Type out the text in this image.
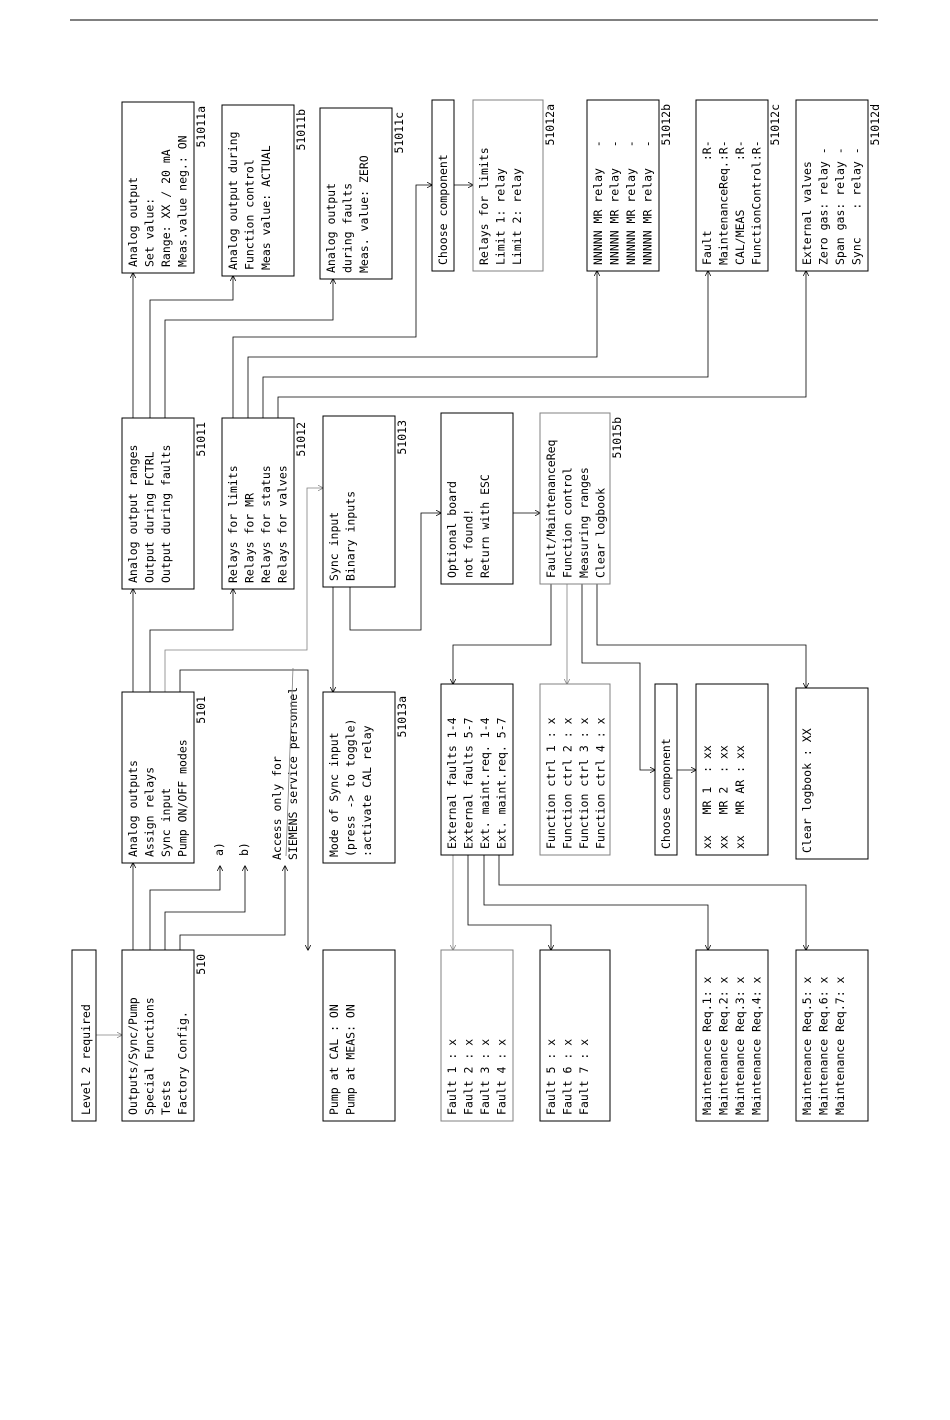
Outputs/Sync/Pump Special Functions Tests Factory Config.
510
Analog outputs Assign relays Sync input Pump ON/OFF modes
5101
Analog output ranges Output during FCTRL Output during faults
51011
Analog output Set value: Range: XX / 20 mA Meas.value neg.: ON
51011a
Analog output during Function control Meas value: ACTUAL
51011b
Analog output during faults Meas. value: ZERO
51011c
Relays for limits Relays for MR Relays for status Relays for valves
51012
Choose component Relays for limits Limit 1: relay Limit 2: relay
51012a
NNNNN MR relay   - NNNNN MR relay   - NNNNN MR relay   - NNNNN MR relay   -
51012b
Fault          :R- MaintenanceReq.:R- CAL/MEAS       :R- FunctionControl:R-
51012c
External valves Zero gas: relay - Span gas: relay - Sync    : relay -
51012d
Sync input Binary inputs
51013
Mode of Sync input (press -> to toggle) :activate CAL relay
51013a
Optional board not found! Return with ESC	Fault/MaintenanceReq Function control Measuring ranges Clear logbook
51015b
Pump at CAL : ON Pump at MEAS: ON
External faults 1-4 External faults 5-7 Ext. maint.req. 1-4 Ext. maint.req. 5-7	Function ctrl 1 : x Function ctrl 2 : x Function ctrl 3 : x Function ctrl 4 : x	Choose component xx   MR 1  : xx xx   MR 2  : xx xx   MR AR : xx	Clear logbook : XX
Fault 1 : x Fault 2 : x Fault 3 : x Fault 4 : x	Fault 5 : x Fault 6 : x Fault 7 : x	Maintenance Req.1: x Maintenance Req.2: x Maintenance Req.3: x Maintenance Req.4: x	Maintenance Req.5: x Maintenance Req.6: x Maintenance Req.7: x
Level 2 required
a) b) Access only for SIEMENS service personnel
